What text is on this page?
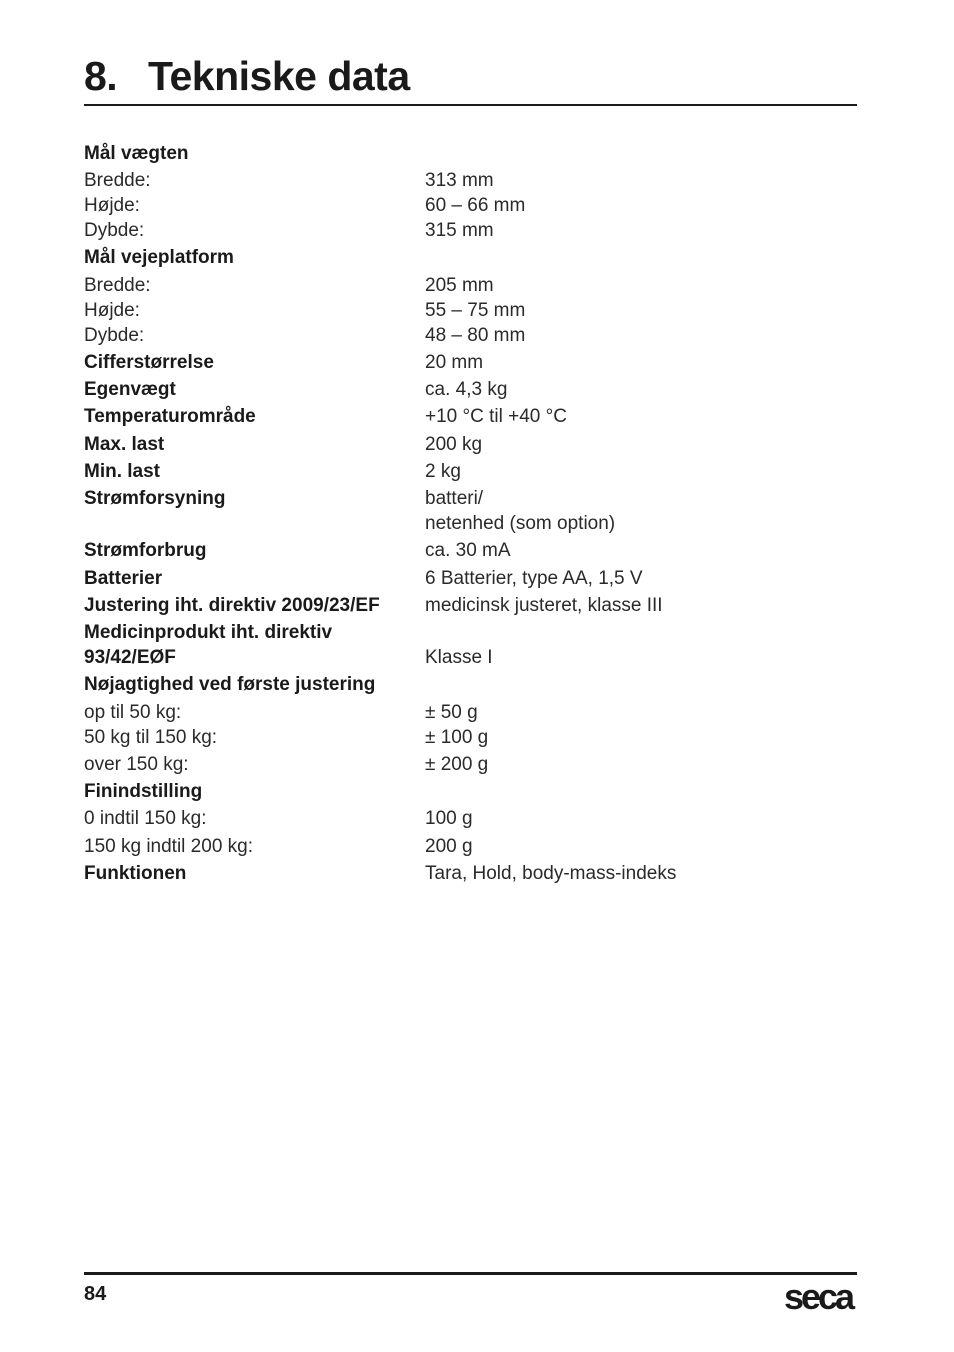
8. Tekniske data
Mål vægten
Bredde:	313 mm
Højde:	60 – 66 mm
Dybde:	315 mm
Mål vejeplatform
Bredde:	205 mm
Højde:	55 – 75 mm
Dybde:	48 – 80 mm
Cifferstørrelse	20 mm
Egenvægt	ca. 4,3 kg
Temperaturområde	+10 °C til +40 °C
Max. last	200 kg
Min. last	2 kg
Strømforsyning	batteri/
netenhed (som option)
Strømforbrug	ca. 30 mA
Batterier	6 Batterier, type AA, 1,5 V
Justering iht. direktiv 2009/23/EF	medicinsk justeret, klasse III
Medicinprodukt iht. direktiv
93/42/EØF	Klasse I
Nøjagtighed ved første justering
op til 50 kg:	± 50 g
50 kg til 150 kg:	± 100 g
over 150 kg:	± 200 g
Finindstilling
0 indtil 150 kg:	100 g
150 kg indtil 200 kg:	200 g
Funktionen	Tara, Hold, body-mass-indeks
84	seca
